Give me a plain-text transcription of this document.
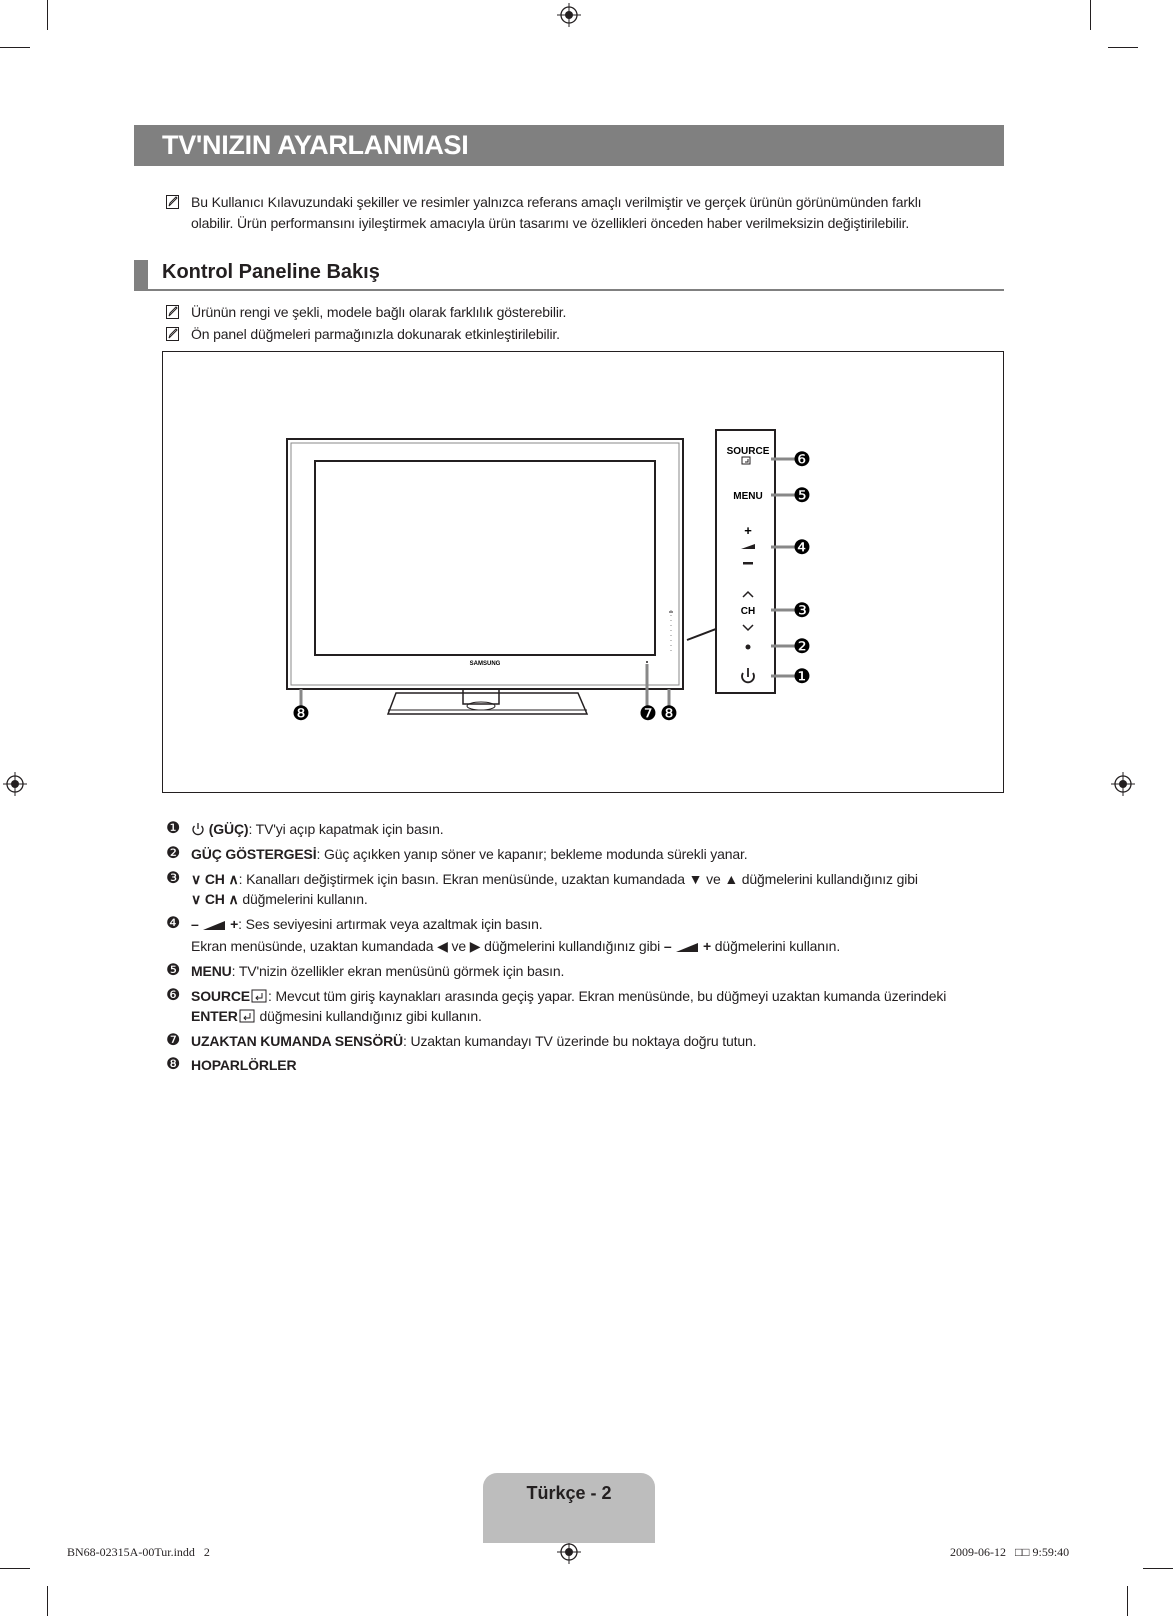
TV'NIZIN AYARLANMASI
Bu Kullanıcı Kılavuzundaki şekiller ve resimler yalnızca referans amaçlı verilmiştir ve gerçek ürünün görünümünden farklı
olabilir. Ürün performansını iyileştirmek amacıyla ürün tasarımı ve özellikleri önceden haber verilmeksizin değiştirilebilir.
Kontrol Paneline Bakış
Ürünün rengi ve şekli, modele bağlı olarak farklılık gösterebilir.
Ön panel düğmeleri parmağınızla dokunarak etkinleştirilebilir.
SAMSUNG
SOURCE
MENU
+
CH
❻
❺
❹
❸
❷
❶
❽	❼ ❽
❶	(GÜÇ): TV'yi açıp kapatmak için basın.
❷ GÜÇ GÖSTERGESİ: Güç açıkken yanıp söner ve kapanır; bekleme modunda sürekli yanar.
❸ ∨ CH ∧: Kanalları değiştirmek için basın. Ekran menüsünde, uzaktan kumandada ▼ ve ▲ düğmelerini kullandığınız gibi
∨ CH ∧ düğmelerini kullanın.
❹ – +: Ses seviyesini artırmak veya azaltmak için basın.
Ekran menüsünde, uzaktan kumandada ◀ ve ▶ düğmelerini kullandığınız gibi – + düğmelerini kullanın.
❺ MENU: TV'nizin özellikler ekran menüsünü görmek için basın.
❻ SOURCE : Mevcut tüm giriş kaynakları arasında geçiş yapar. Ekran menüsünde, bu düğmeyi uzaktan kumanda üzerindeki
ENTER düğmesini kullandığınız gibi kullanın.
❼ UZAKTAN KUMANDA SENSÖRÜ: Uzaktan kumandayı TV üzerinde bu noktaya doğru tutun.
❽ HOPARLÖRLER
Türkçe - 2
BN68-02315A-00Tur.indd   2	2009-06-12   □□ 9:59:40
